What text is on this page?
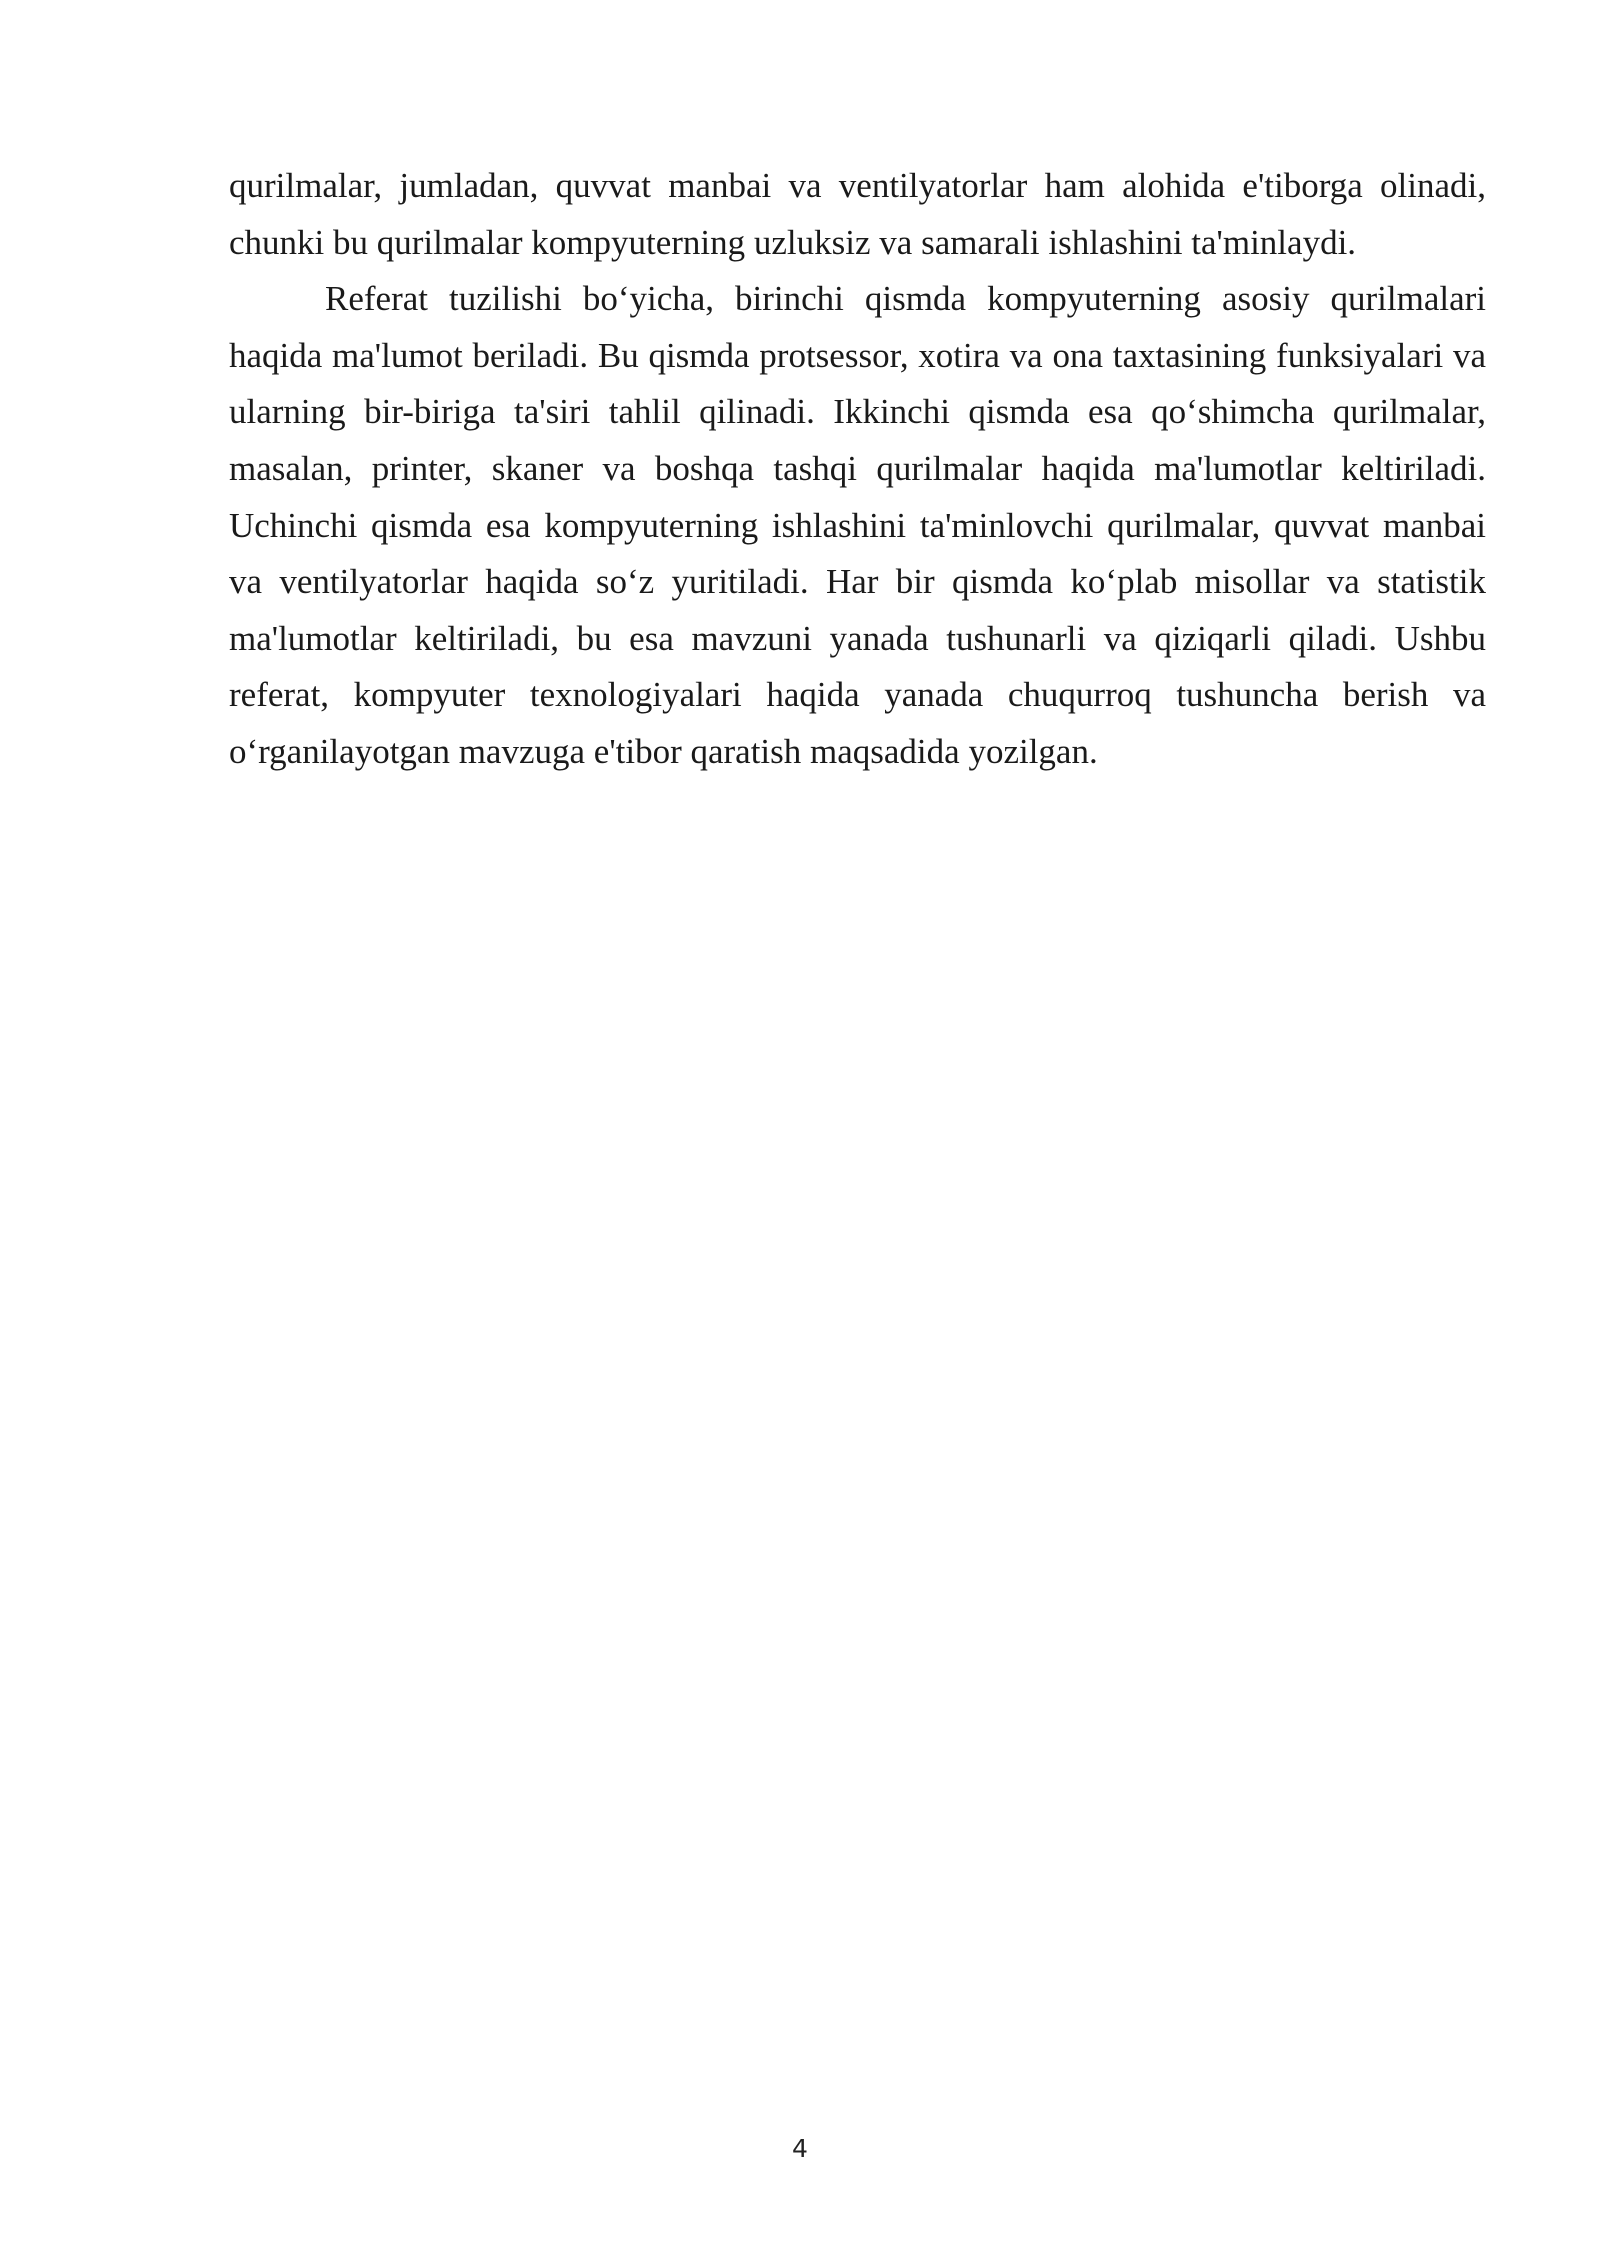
qurilmalar, jumladan, quvvat manbai va ventilyatorlar ham alohida e'tiborga olinadi, chunki bu qurilmalar kompyuterning uzluksiz va samarali ishlashini ta'minlaydi.

Referat tuzilishi bo‘yicha, birinchi qismda kompyuterning asosiy qurilmalari haqida ma'lumot beriladi. Bu qismda protsessor, xotira va ona taxtasining funksiyalari va ularning bir-biriga ta'siri tahlil qilinadi. Ikkinchi qismda esa qo‘shimcha qurilmalar, masalan, printer, skaner va boshqa tashqi qurilmalar haqida ma'lumotlar keltiriladi. Uchinchi qismda esa kompyuterning ishlashini ta'minlovchi qurilmalar, quvvat manbai va ventilyatorlar haqida so‘z yuritiladi. Har bir qismda ko‘plab misollar va statistik ma'lumotlar keltiriladi, bu esa mavzuni yanada tushunarli va qiziqarli qiladi. Ushbu referat, kompyuter texnologiyalari haqida yanada chuqurroq tushuncha berish va o‘rganilayotgan mavzuga e'tibor qaratish maqsadida yozilgan.

4
